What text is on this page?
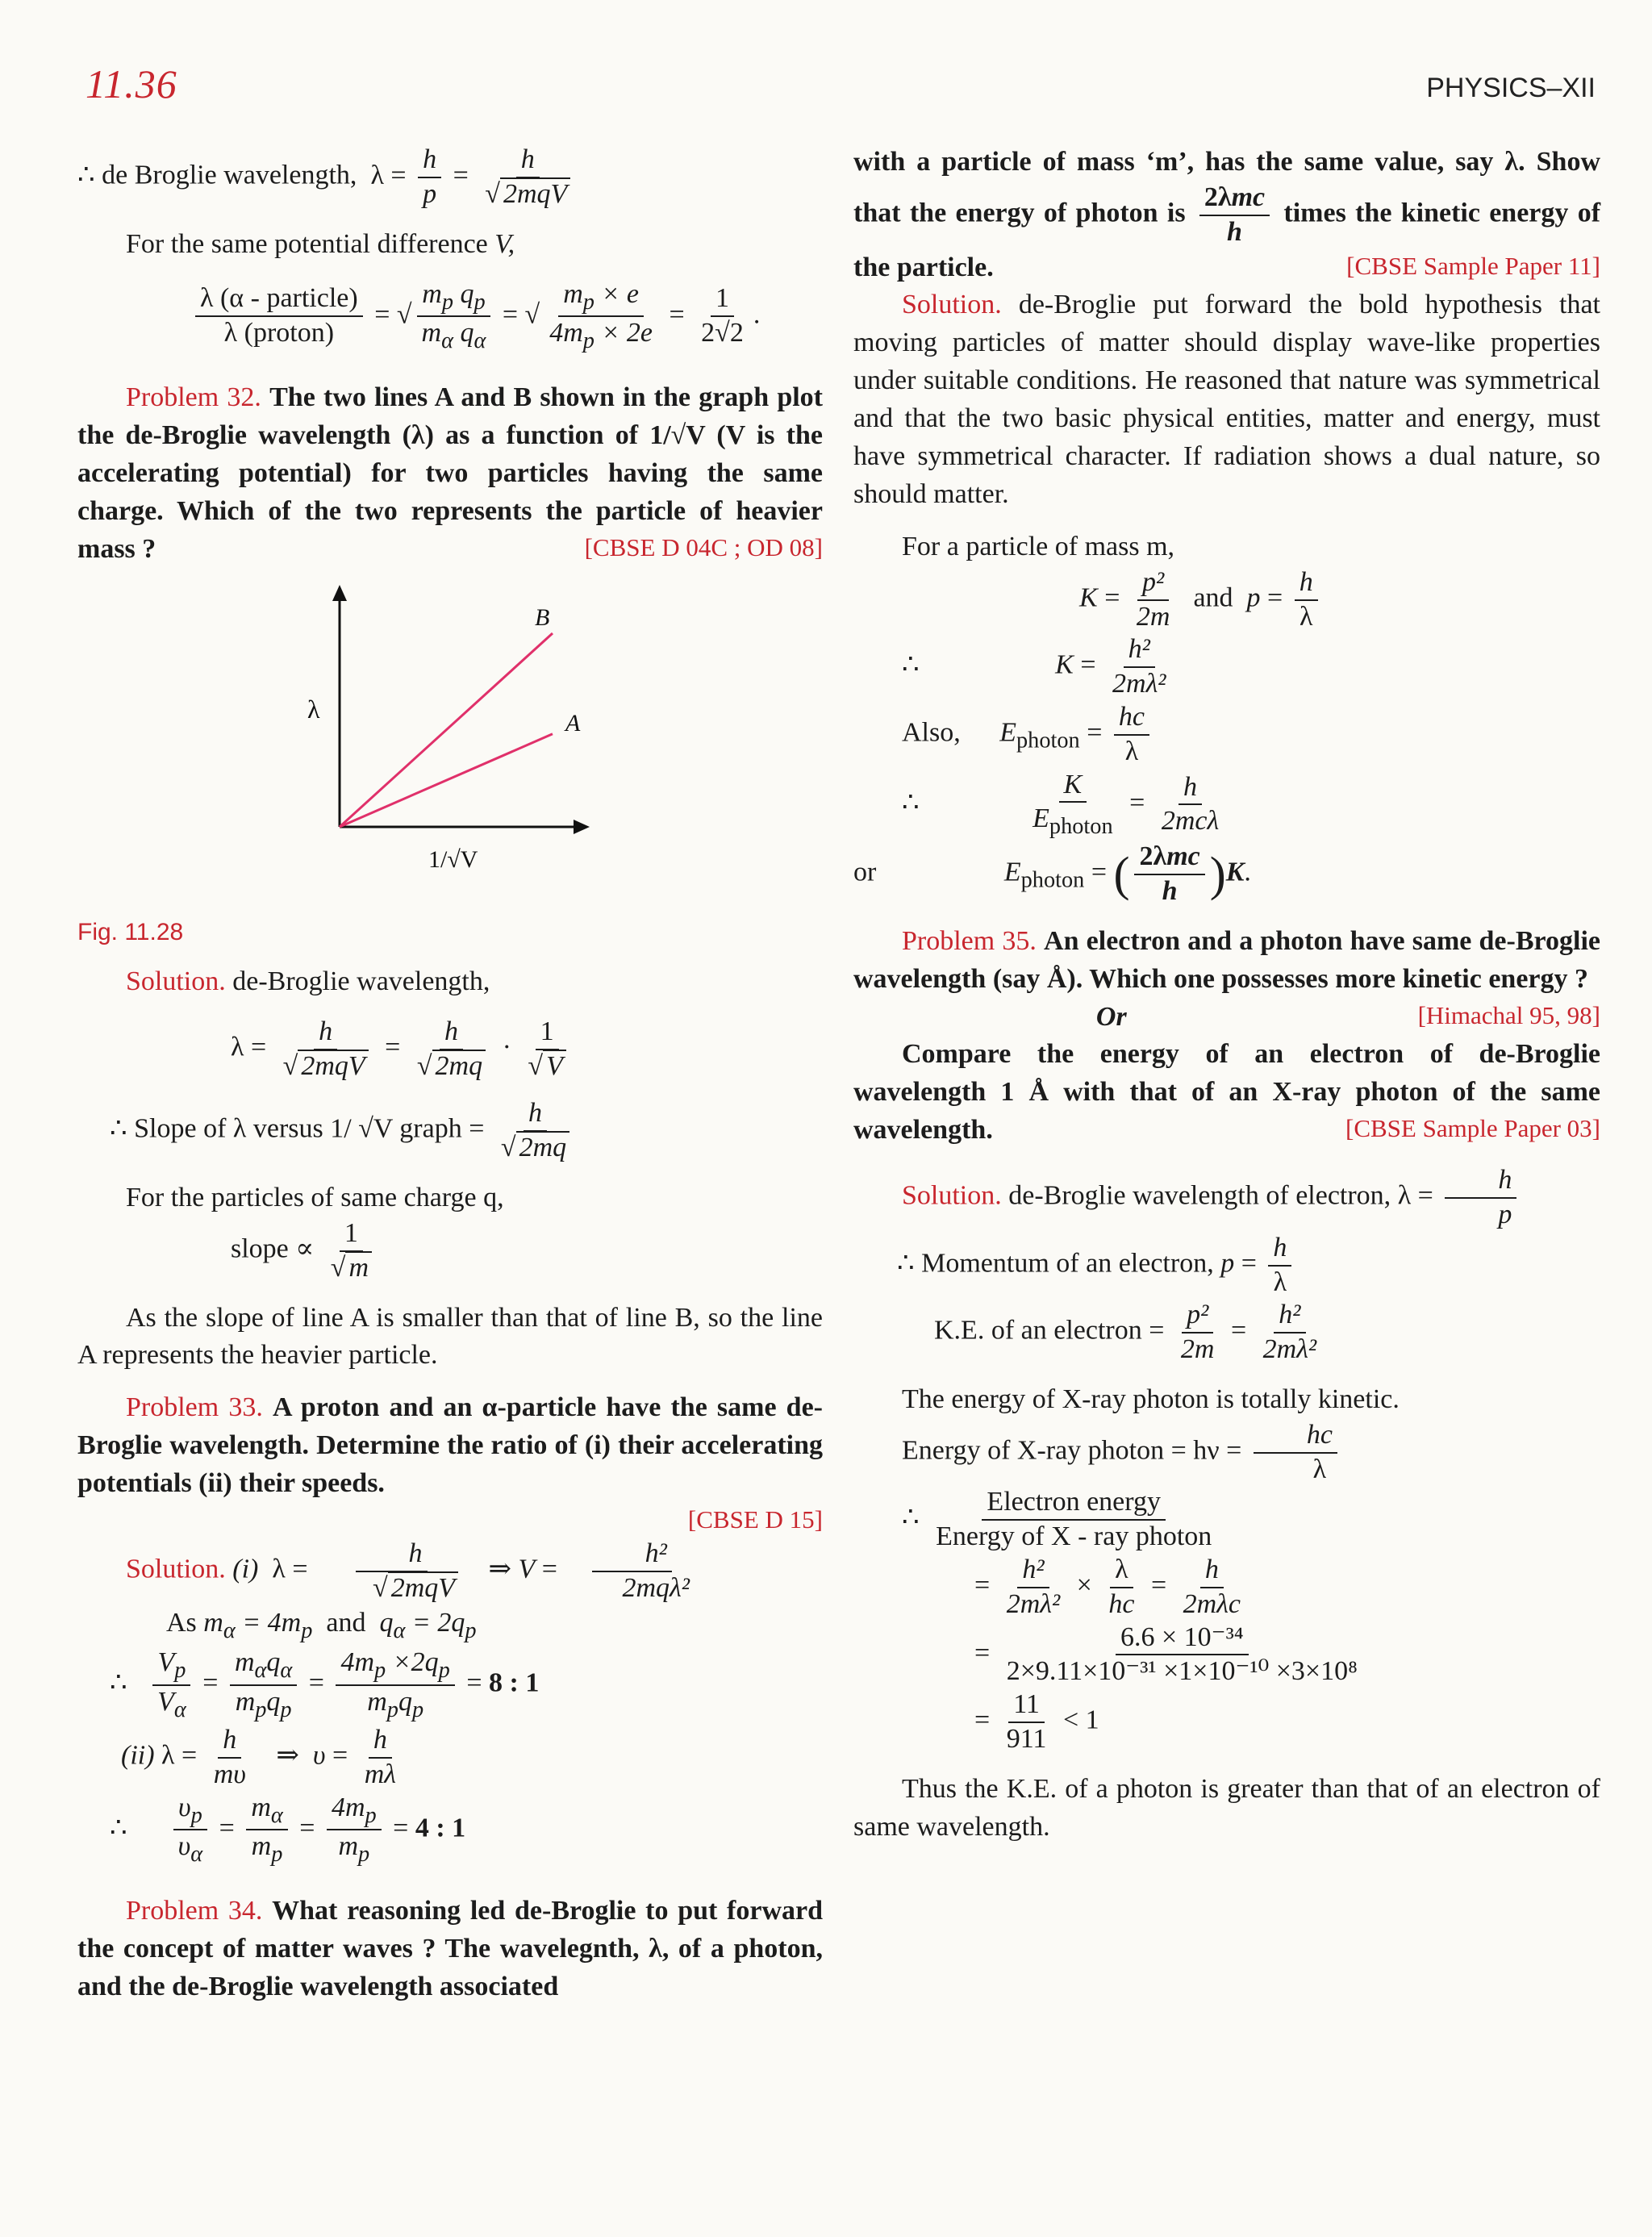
11.36	PHYSICS–XII

∴ de Broglie wavelength,  $\lambda = \frac{h}{p} = \frac{h}{\text{√ 2mqV}}$

For the same potential difference V,

$\frac{\text{λ (α - particle)}}{\text{λ (proton)}}$ = √ $\frac{m_p q_p}{m_\alpha q_\alpha}$ = √ $\frac{m_p \times e}{4m_p \times 2e} = \frac{1}{2√2}$ .

Problem 32. The two lines A and B shown in the graph plot the de-Broglie wavelength (λ) as a function of 1/√V (V is the accelerating potential) for two particles having the same charge. Which of the two represents the particle of heavier mass ?	[CBSE D 04C ; OD 08]

A
B
λ
1/√V
Fig. 11.28

Solution. de-Broglie wavelength,

$\lambda = \frac{h}{\text{√ 2mqV}} = \frac{h}{√ 2mq} \cdot \frac{1}{√ V}$

∴ Slope of λ versus 1/ √V graph = $\frac{h}{√ 2mq}$

For the particles of same charge q,

slope ∝ $\frac{1}{√ m}$

As the slope of line A is smaller than that of line B, so the line A represents the heavier particle.

Problem 33. A proton and an α-particle have the same de-Broglie wavelength. Determine the ratio of (i) their accelerating potentials (ii) their speeds.

[CBSE D 15]

Solution. (i)  $\lambda = \frac{h}{\text{√ 2mqV}}$ ⇒ $V = \frac{\text{h²}}{\text{2mqλ²}}$

As $m_\alpha = 4m_p$ and $q_\alpha = 2q_p$

∴ $\frac{V_p}{V_\alpha} = \frac{m_\alpha q_\alpha}{m_pq_p} = \frac{4m_p \times 2q_p}{m_pq_p} = 8$ : 1

(ii) $\lambda = \frac{h}{m\upsilon}$ ⇒  $\upsilon = \frac{h}{m\lambda}$

∴ $\frac{\upsilon_p}{\upsilon_\alpha} = \frac{m_\alpha}{m_p} = \frac{4m_p}{m_p} = 4$ : 1

Problem 34. What reasoning led de-Broglie to put forward the concept of matter waves ? The wavelegnth, λ, of a photon, and the de-Broglie wavelength associated

with a particle of mass ‘m’, has the same value, say λ. Show that the energy of photon is $\frac{\text{2λmc}}{h}$ times the kinetic energy of the particle.	[CBSE Sample Paper 11]

Solution. de-Broglie put forward the bold hypothesis that moving particles of matter should display wave-like properties under suitable conditions. He reasoned that nature was symmetrical and that the two basic physical entities, matter and energy, must have symmetrical character. If radiation shows a dual nature, so should matter.

For a particle of mass m,

$K = \frac{\text{p²}}{2m}$ and $p = \frac{h}{\lambda}$

∴	$K = \frac{\text{h²}}{\text{2mλ²}}$

Also, $E_{photon} = \frac{hc}{\lambda}$

∴	$\frac{K}{E_{photon}} = \frac{h}{\text{2mcλ}}$

or	$E_{photon}$ = ( $\frac{\text{2λmc}}{h} )K$.

Problem 35. An electron and a photon have same de-Broglie wavelength (say Å). Which one possesses more kinetic energy ?
[Himachal 95, 98]

Or

Compare the energy of an electron of de-Broglie wavelength 1 Å with that of an X-ray photon of the same wavelength.	[CBSE Sample Paper 03]

Solution. de-Broglie wavelength of electron, $\lambda = \frac{h}{p}$

∴ Momentum of an electron, $p = \frac{h}{\lambda}$

K.E. of an electron = $\frac{\text{p²}}{2m} = \frac{\text{h²}}{\text{2mλ²}}$

The energy of X-ray photon is totally kinetic.

Energy of X-ray photon = $h\nu = \frac{hc}{\lambda}$

∴ $\frac{\text{Electron energy}}{\text{Energy of X - ray photon}}$

= $\frac{\text{h²}}{\text{2mλ²}} \times \frac{\lambda}{hc} = \frac{h}{\text{2mλc}}$

= $\frac{\text{6.6 × 10⁻³⁴}}{\text{2×9.11×10⁻³¹ ×1×10⁻¹⁰ ×3×10⁸}}$

= $\frac{11}{911} < 1$

Thus the K.E. of a photon is greater than that of an electron of same wavelength.
